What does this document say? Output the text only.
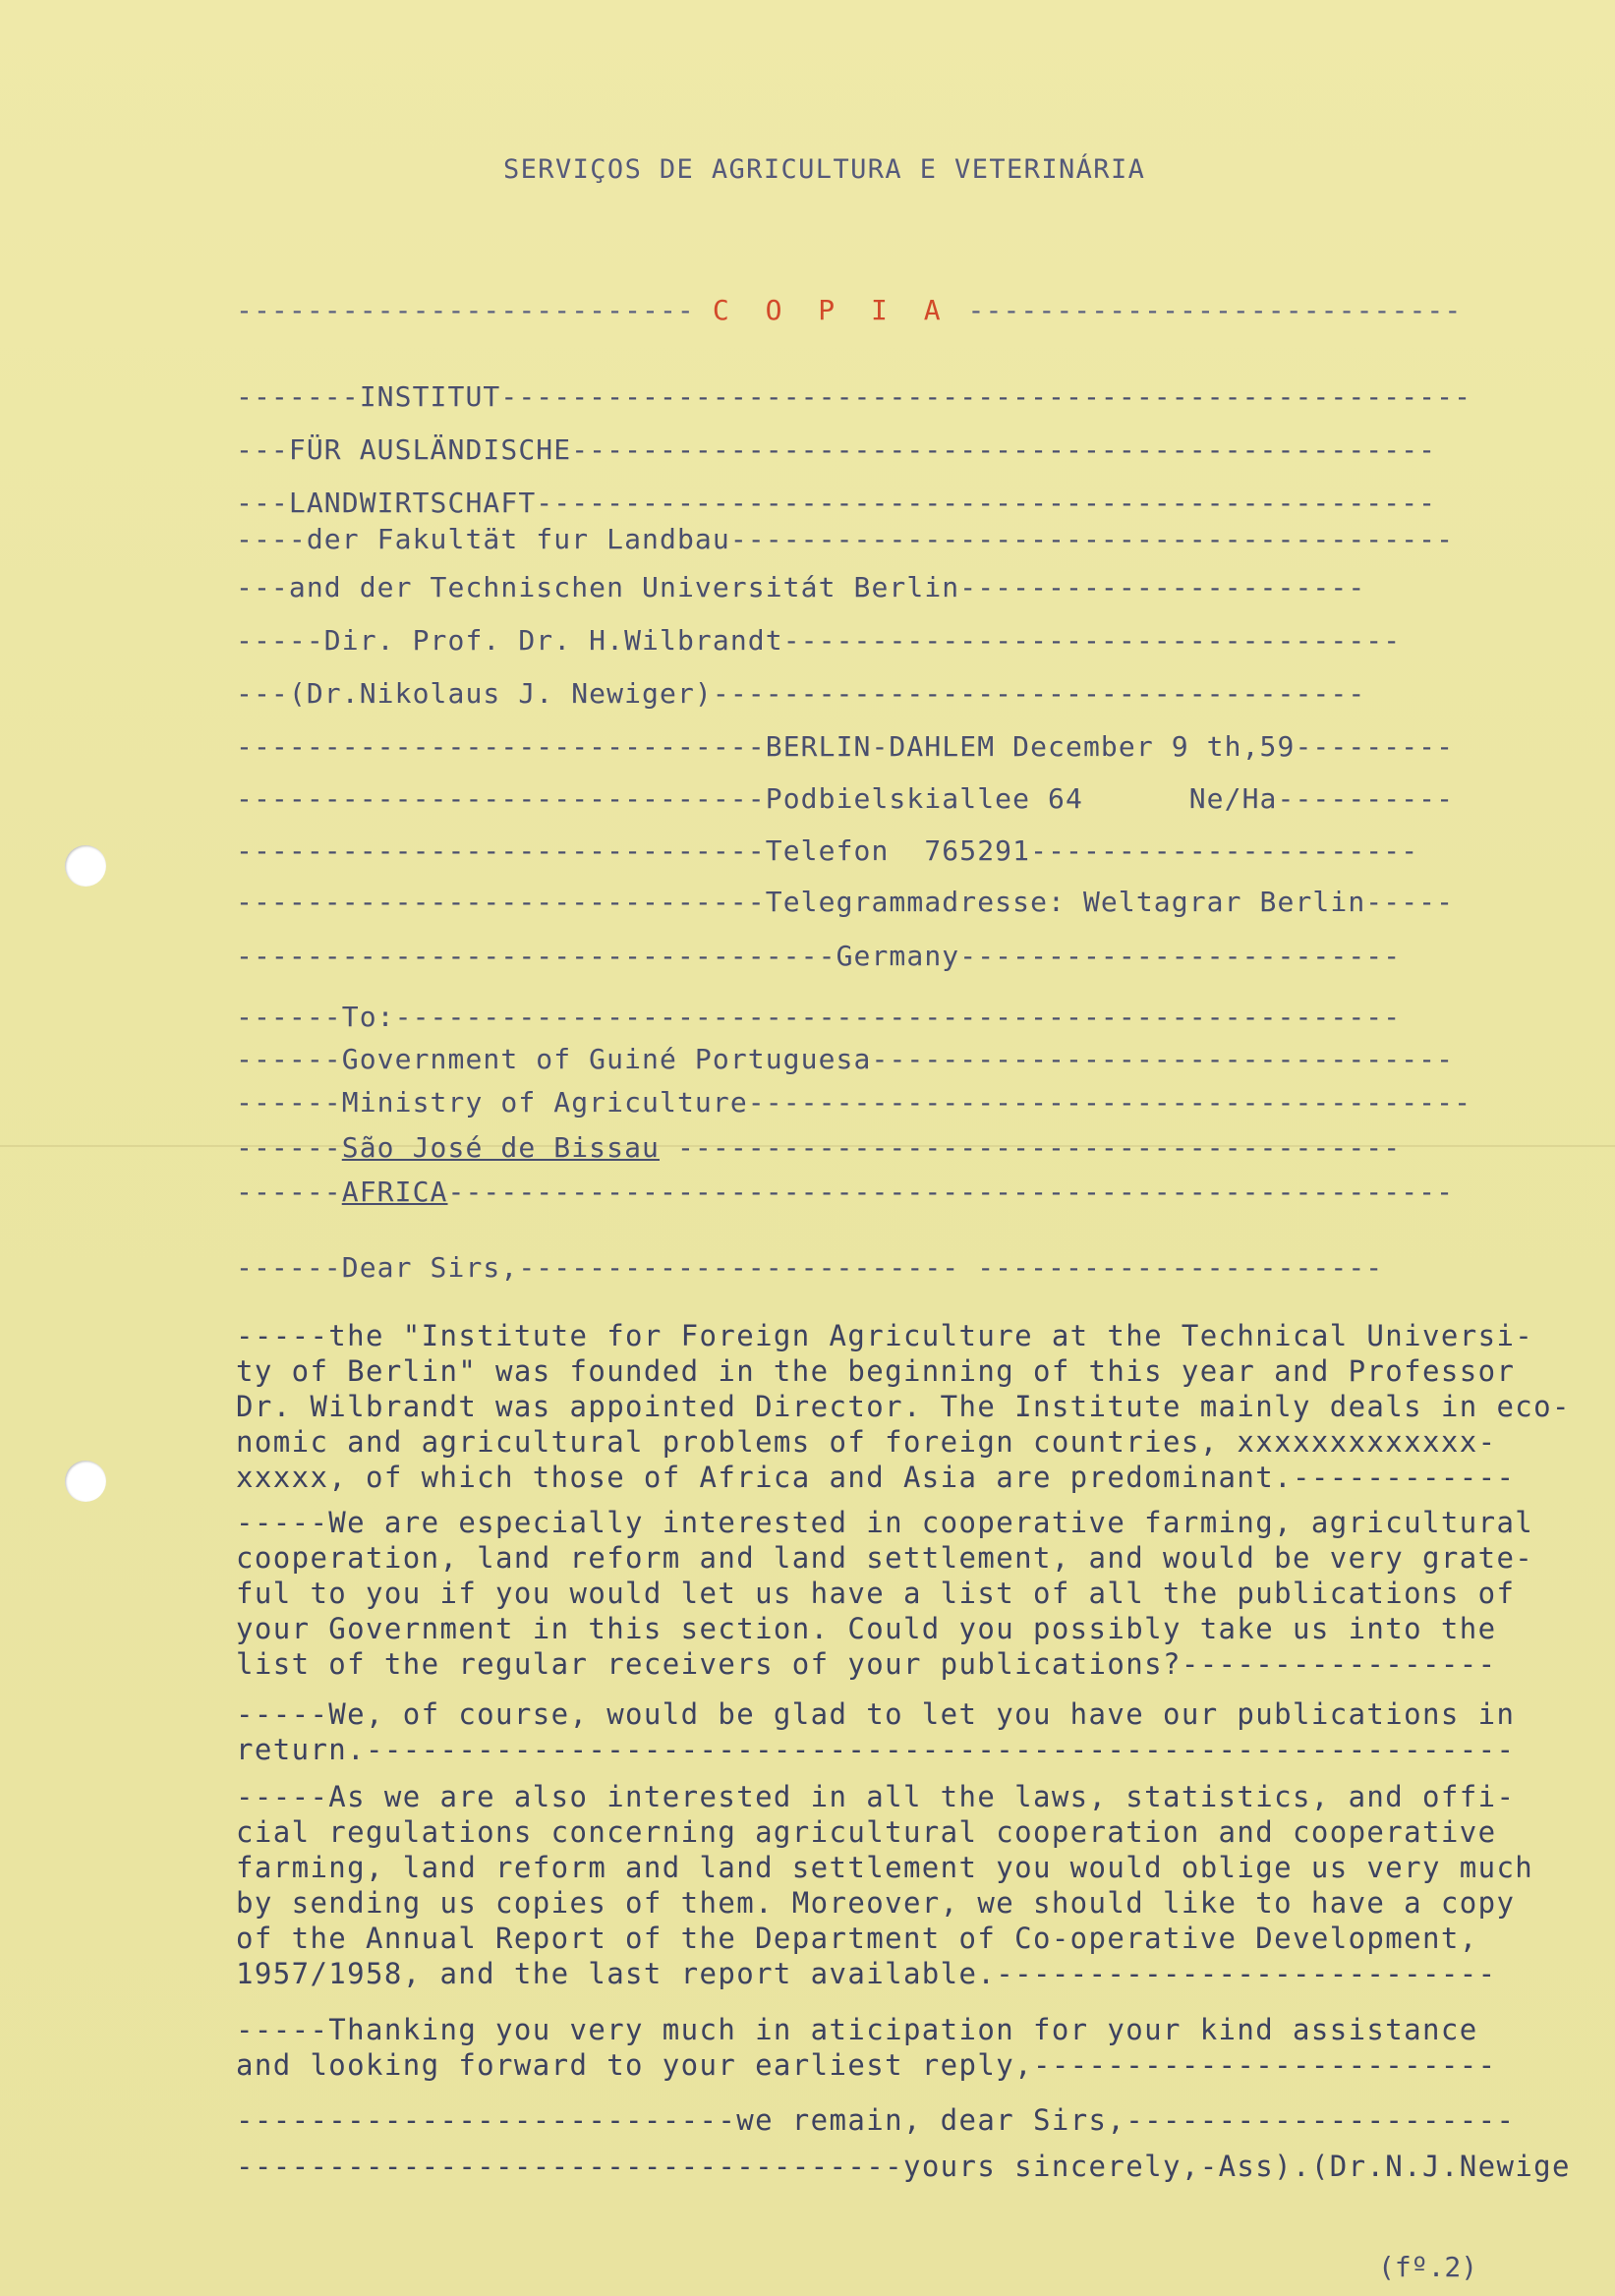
SERVIÇOS DE AGRICULTURA E VETERINÁRIA
-------------------------- C O P I A ----------------------------
-------INSTITUT-------------------------------------------------------
---FÜR AUSLÄNDISCHE-------------------------------------------------
---LANDWIRTSCHAFT---------------------------------------------------
----der Fakultät fur Landbau-----------------------------------------
---and der Technischen Universitát Berlin-----------------------
-----Dir. Prof. Dr. H.Wilbrandt-----------------------------------
---(Dr.Nikolaus J. Newiger)-------------------------------------
------------------------------BERLIN-DAHLEM December 9 th,59---------
------------------------------Podbielskiallee 64	Ne/Ha----------
------------------------------Telefon  765291----------------------
------------------------------Telegrammadresse: Weltagrar Berlin-----
----------------------------------Germany-------------------------
------To:---------------------------------------------------------
------Government of Guiné Portuguesa---------------------------------
------Ministry of Agriculture-----------------------------------------
------São José de Bissau -----------------------------------------
------AFRICA---------------------------------------------------------
------Dear Sirs,------------------------- -----------------------
-----the "Institute for Foreign Agriculture at the Technical Universi-
ty of Berlin" was founded in the beginning of this year and Professor
Dr. Wilbrandt was appointed Director. The Institute mainly deals in eco-
nomic and agricultural problems of foreign countries, xxxxxxxxxxxxx-
xxxxx, of which those of Africa and Asia are predominant.------------
-----We are especially interested in cooperative farming, agricultural
cooperation, land reform and land settlement, and would be very grate-
ful to you if you would let us have a list of all the publications of
your Government in this section. Could you possibly take us into the
list of the regular receivers of your publications?-----------------
-----We, of course, would be glad to let you have our publications in
return.--------------------------------------------------------------
-----As we are also interested in all the laws, statistics, and offi-
cial regulations concerning agricultural cooperation and cooperative
farming, land reform and land settlement you would oblige us very much
by sending us copies of them. Moreover, we should like to have a copy
of the Annual Report of the Department of Co-operative Development,
1957/1958, and the last report available.---------------------------
-----Thanking you very much in aticipation for your kind assistance
and looking forward to your earliest reply,-------------------------
---------------------------we remain, dear Sirs,---------------------
------------------------------------yours sincerely,-Ass).(Dr.N.J.Newige
(fº.2)
